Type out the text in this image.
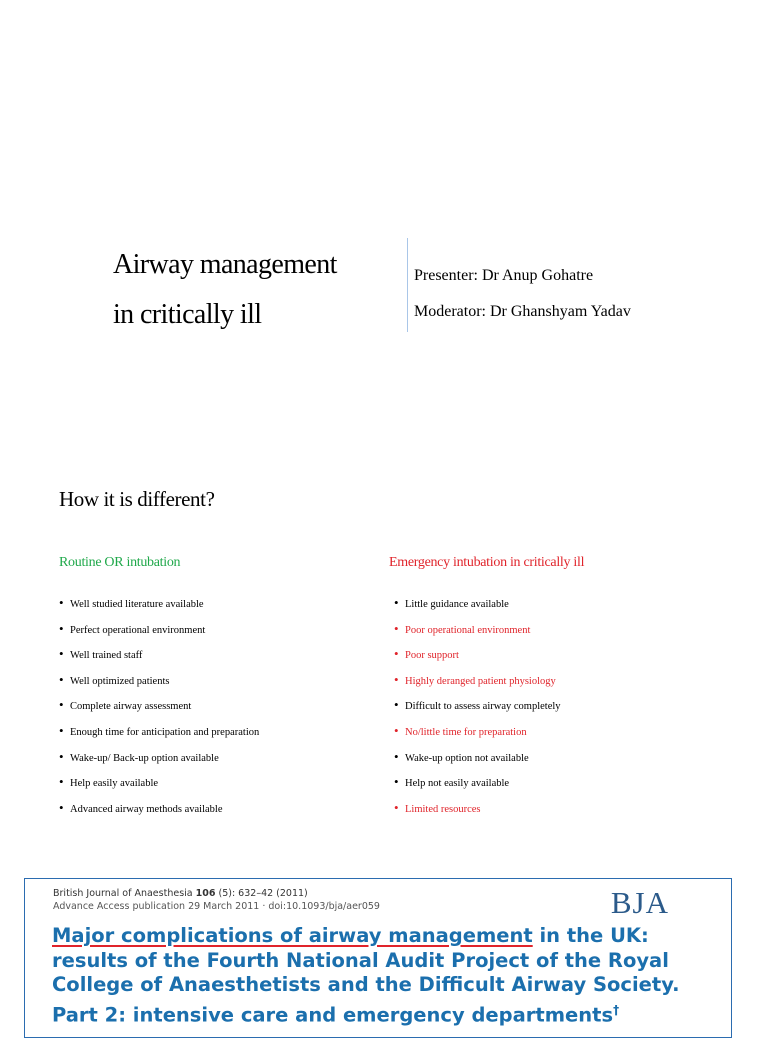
Airway management
in critically ill
Presenter: Dr Anup Gohatre
Moderator: Dr Ghanshyam Yadav
How it is different?
Routine OR intubation	Emergency intubation in critically ill
• Well studied literature available
• Perfect operational environment
• Well trained staff
• Well optimized patients
• Complete airway assessment
• Enough time for anticipation and preparation
• Wake-up/ Back-up option available
• Help easily available
• Advanced airway methods available
• Little guidance available
• Poor operational environment
• Poor support
• Highly deranged patient physiology
• Difficult to assess airway completely
• No/little time for preparation
• Wake-up option not available
• Help not easily available
• Limited resources
British Journal of Anaesthesia 106 (5): 632–42 (2011)
Advance Access publication 29 March 2011 · doi:10.1093/bja/aer059	BJA
Major complications of airway management in the UK: results of the Fourth National Audit Project of the Royal College of Anaesthetists and the Difficult Airway Society. Part 2: intensive care and emergency departments†
